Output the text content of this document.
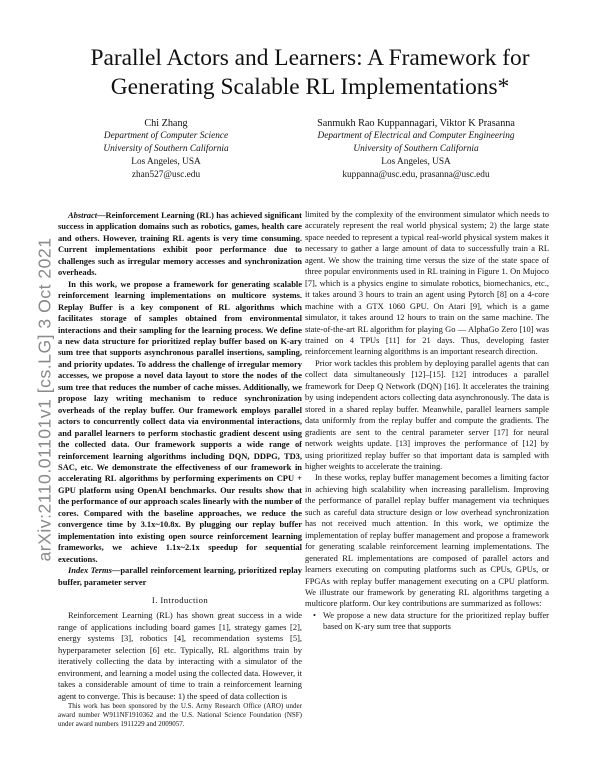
Parallel Actors and Learners: A Framework for Generating Scalable RL Implementations*
Chi Zhang
Department of Computer Science
University of Southern California
Los Angeles, USA
zhan527@usc.edu
Sanmukh Rao Kuppannagari, Viktor K Prasanna
Department of Electrical and Computer Engineering
University of Southern California
Los Angeles, USA
kuppanna@usc.edu, prasanna@usc.edu
arXiv:2110.01101v1 [cs.LG] 3 Oct 2021

Abstract—Reinforcement Learning (RL) has achieved significant success in application domains such as robotics, games, health care and others. However, training RL agents is very time consuming. Current implementations exhibit poor performance due to challenges such as irregular memory accesses and synchronization overheads.

In this work, we propose a framework for generating scalable reinforcement learning implementations on multicore systems. Replay Buffer is a key component of RL algorithms which facilitates storage of samples obtained from environmental interactions and their sampling for the learning process. We define a new data structure for prioritized replay buffer based on K-ary sum tree that supports asynchronous parallel insertions, sampling, and priority updates. To address the challenge of irregular memory accesses, we propose a novel data layout to store the nodes of the sum tree that reduces the number of cache misses. Additionally, we propose lazy writing mechanism to reduce synchronization overheads of the replay buffer. Our framework employs parallel actors to concurrently collect data via environmental interactions, and parallel learners to perform stochastic gradient descent using the collected data. Our framework supports a wide range of reinforcement learning algorithms including DQN, DDPG, TD3, SAC, etc. We demonstrate the effectiveness of our framework in accelerating RL algorithms by performing experiments on CPU + GPU platform using OpenAI benchmarks. Our results show that the performance of our approach scales linearly with the number of cores. Compared with the baseline approaches, we reduce the convergence time by 3.1x~10.8x. By plugging our replay buffer implementation into existing open source reinforcement learning frameworks, we achieve 1.1x~2.1x speedup for sequential executions.

Index Terms—parallel reinforcement learning, prioritized replay buffer, parameter server

I. Introduction

Reinforcement Learning (RL) has shown great success in a wide range of applications including board games [1], strategy games [2], energy systems [3], robotics [4], recommendation systems [5], hyperparameter selection [6] etc. Typically, RL algorithms train by iteratively collecting the data by interacting with a simulator of the environment, and learning a model using the collected data. However, it takes a considerable amount of time to train a reinforcement learning agent to converge. This is because: 1) the speed of data collection is

This work has been sponsored by the U.S. Army Research Office (ARO) under award number W911NF1910362 and the U.S. National Science Foundation (NSF) under award numbers 1911229 and 2009057.

limited by the complexity of the environment simulator which needs to accurately represent the real world physical system; 2) the large state space needed to represent a typical real-world physical system makes it necessary to gather a large amount of data to successfully train a RL agent. We show the training time versus the size of the state space of three popular environments used in RL training in Figure 1. On Mujoco [7], which is a physics engine to simulate robotics, biomechanics, etc., it takes around 3 hours to train an agent using Pytorch [8] on a 4-core machine with a GTX 1060 GPU. On Atari [9], which is a game simulator, it takes around 12 hours to train on the same machine. The state-of-the-art RL algorithm for playing Go — AlphaGo Zero [10] was trained on 4 TPUs [11] for 21 days. Thus, developing faster reinforcement learning algorithms is an important research direction.

Prior work tackles this problem by deploying parallel agents that can collect data simultaneously [12]–[15]. [12] introduces a parallel framework for Deep Q Network (DQN) [16]. It accelerates the training by using independent actors collecting data asynchronously. The data is stored in a shared replay buffer. Meanwhile, parallel learners sample data uniformly from the replay buffer and compute the gradients. The gradients are sent to the central parameter server [17] for neural network weights update. [13] improves the performance of [12] by using prioritized replay buffer so that important data is sampled with higher weights to accelerate the training.

In these works, replay buffer management becomes a limiting factor in achieving high scalability when increasing parallelism. Improving the performance of parallel replay buffer management via techniques such as careful data structure design or low overhead synchronization has not received much attention. In this work, we optimize the implementation of replay buffer management and propose a framework for generating scalable reinforcement learning implementations. The generated RL implementations are composed of parallel actors and learners executing on computing platforms such as CPUs, GPUs, or FPGAs with replay buffer management executing on a CPU platform. We illustrate our framework by generating RL algorithms targeting a multicore platform. Our key contributions are summarized as follows:

• We propose a new data structure for the prioritized replay buffer based on K-ary sum tree that supports
